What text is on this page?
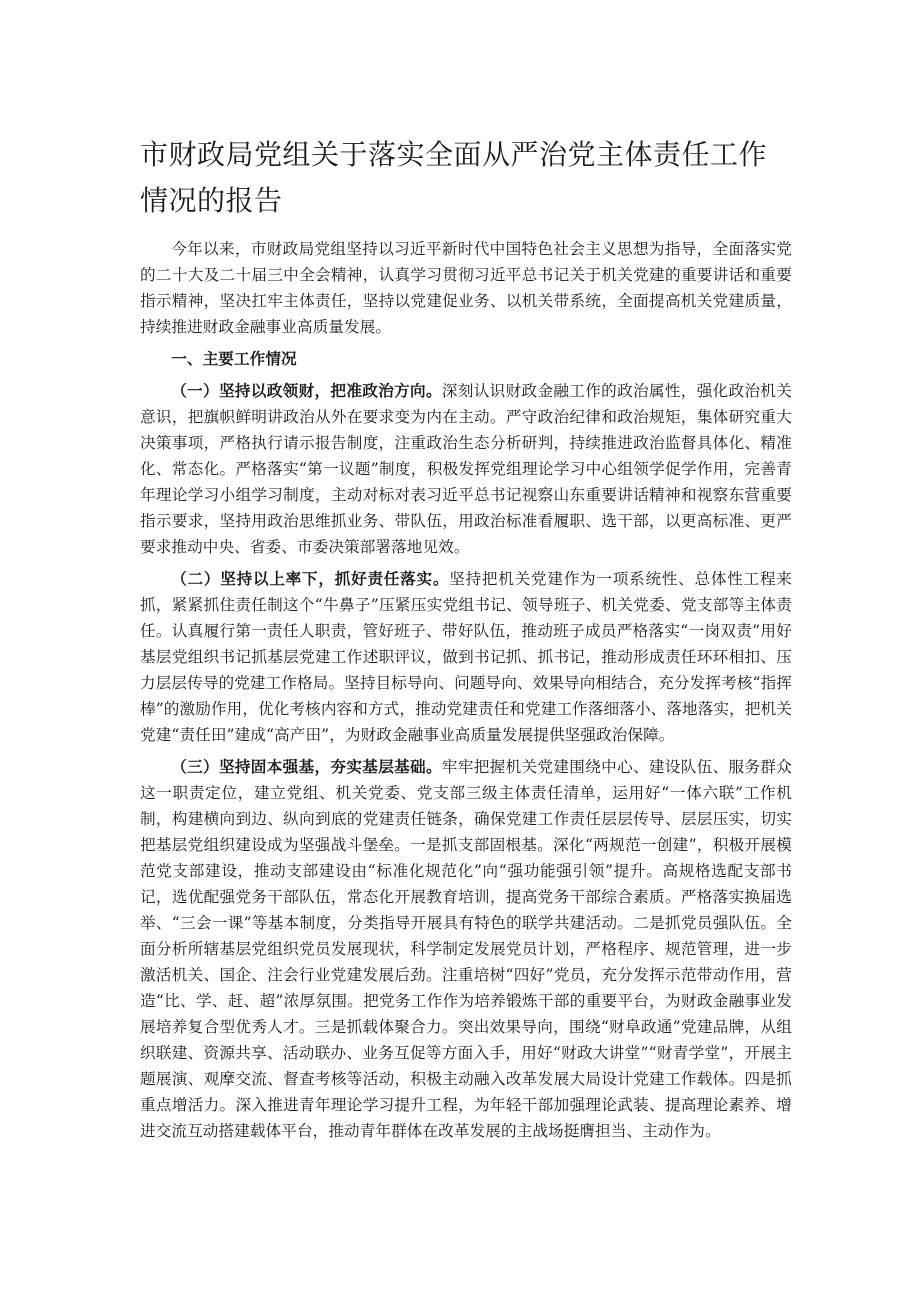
市财政局党组关于落实全面从严治党主体责任工作
情况的报告

今年以来，市财政局党组坚持以习近平新时代中国特色社会主义思想为指导，全面落实党的二十大及二十届三中全会精神，认真学习贯彻习近平总书记关于机关党建的重要讲话和重要指示精神，坚决扛牢主体责任，坚持以党建促业务、以机关带系统，全面提高机关党建质量，持续推进财政金融事业高质量发展。

一、主要工作情况

（一）坚持以政领财，把准政治方向。深刻认识财政金融工作的政治属性，强化政治机关意识，把旗帜鲜明讲政治从外在要求变为内在主动。严守政治纪律和政治规矩，集体研究重大决策事项，严格执行请示报告制度，注重政治生态分析研判，持续推进政治监督具体化、精准化、常态化。严格落实“第一议题”制度，积极发挥党组理论学习中心组领学促学作用，完善青年理论学习小组学习制度，主动对标对表习近平总书记视察山东重要讲话精神和视察东营重要指示要求，坚持用政治思维抓业务、带队伍，用政治标准看履职、选干部，以更高标准、更严要求推动中央、省委、市委决策部署落地见效。

（二）坚持以上率下，抓好责任落实。坚持把机关党建作为一项系统性、总体性工程来抓，紧紧抓住责任制这个“牛鼻子”压紧压实党组书记、领导班子、机关党委、党支部等主体责任。认真履行第一责任人职责，管好班子、带好队伍，推动班子成员严格落实“一岗双责”用好基层党组织书记抓基层党建工作述职评议，做到书记抓、抓书记，推动形成责任环环相扣、压力层层传导的党建工作格局。坚持目标导向、问题导向、效果导向相结合，充分发挥考核“指挥棒”的激励作用，优化考核内容和方式，推动党建责任和党建工作落细落小、落地落实，把机关党建“责任田”建成“高产田”，为财政金融事业高质量发展提供坚强政治保障。

（三）坚持固本强基，夯实基层基础。牢牢把握机关党建围绕中心、建设队伍、服务群众这一职责定位，建立党组、机关党委、党支部三级主体责任清单，运用好“一体六联”工作机制，构建横向到边、纵向到底的党建责任链条，确保党建工作责任层层传导、层层压实，切实把基层党组织建设成为坚强战斗堡垒。一是抓支部固根基。深化“两规范一创建”，积极开展模范党支部建设，推动支部建设由“标准化规范化”向“强功能强引领”提升。高规格选配支部书记，选优配强党务干部队伍，常态化开展教育培训，提高党务干部综合素质。严格落实换届选举、“三会一课”等基本制度，分类指导开展具有特色的联学共建活动。二是抓党员强队伍。全面分析所辖基层党组织党员发展现状，科学制定发展党员计划，严格程序、规范管理，进一步激活机关、国企、注会行业党建发展后劲。注重培树“四好”党员，充分发挥示范带动作用，营造“比、学、赶、超”浓厚氛围。把党务工作作为培养锻炼干部的重要平台，为财政金融事业发展培养复合型优秀人才。三是抓载体聚合力。突出效果导向，围绕“财阜政通”党建品牌，从组织联建、资源共享、活动联办、业务互促等方面入手，用好“财政大讲堂”“财青学堂”，开展主题展演、观摩交流、督查考核等活动，积极主动融入改革发展大局设计党建工作载体。四是抓重点增活力。深入推进青年理论学习提升工程，为年轻干部加强理论武装、提高理论素养、增进交流互动搭建载体平台，推动青年群体在改革发展的主战场挺膺担当、主动作为。
